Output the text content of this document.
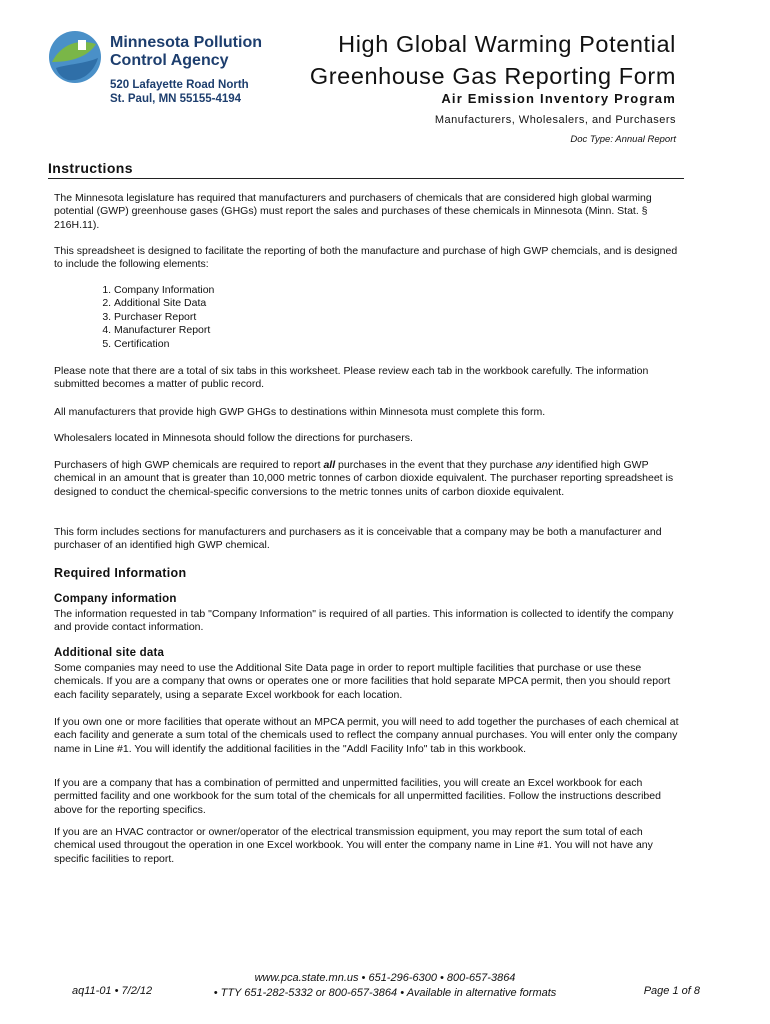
Minnesota Pollution
Control Agency
520 Lafayette Road North
St. Paul, MN 55155-4194
High Global Warming Potential
Greenhouse Gas Reporting Form
Air Emission Inventory Program
Manufacturers, Wholesalers, and Purchasers
Doc Type: Annual Report
Instructions

The Minnesota legislature has required that manufacturers and purchasers of chemicals that are considered high global warming potential (GWP) greenhouse gases (GHGs) must report the sales and purchases of these chemicals in Minnesota (Minn. Stat. § 216H.11).

This spreadsheet is designed to facilitate the reporting of both the manufacture and purchase of high GWP chemcials, and is designed to include the following elements:

1. Company Information
2. Additional Site Data
3. Purchaser Report
4. Manufacturer Report
5. Certification

Please note that there are a total of six tabs in this worksheet. Please review each tab in the workbook carefully. The information submitted becomes a matter of public record.

All manufacturers that provide high GWP GHGs to destinations within Minnesota must complete this form.

Wholesalers located in Minnesota should follow the directions for purchasers.

Purchasers of high GWP chemicals are required to report all purchases in the event that they purchase any identified high GWP chemical in an amount that is greater than 10,000 metric tonnes of carbon dioxide equivalent. The purchaser reporting spreadsheet is designed to conduct the chemical-specific conversions to the metric tonnes units of carbon dioxide equivalent.

This form includes sections for manufacturers and purchasers as it is conceivable that a company may be both a manufacturer and purchaser of an identified high GWP chemical.

Required Information
Company information

The information requested in tab "Company Information" is required of all parties. This information is collected to identify the company and provide contact information.

Additional site data

Some companies may need to use the Additional Site Data page in order to report multiple facilities that purchase or use these chemicals. If you are a company that owns or operates one or more facilities that hold separate MPCA permit, then you should report each facility separately, using a separate Excel workbook for each location.

If you own one or more facilities that operate without an MPCA permit, you will need to add together the purchases of each chemical at each facility and generate a sum total of the chemicals used to reflect the company annual purchases. You will enter only the company name in Line #1. You will identify the additional facilities in the "Addl Facility Info" tab in this workbook.

If you are a company that has a combination of permitted and unpermitted facilities, you will create an Excel workbook for each permitted facility and one workbook for the sum total of the chemicals for all unpermitted facilities. Follow the instructions described above for the reporting specifics.

If you are an HVAC contractor or owner/operator of the electrical transmission equipment, you may report the sum total of each chemical used througout the operation in one Excel workbook. You will enter the company name in Line #1. You will not have any specific facilities to report.

aq11-01 • 7/2/12
www.pca.state.mn.us • 651-296-6300 • 800-657-3864
• TTY 651-282-5332 or 800-657-3864 • Available in alternative formats	Page 1 of 8
